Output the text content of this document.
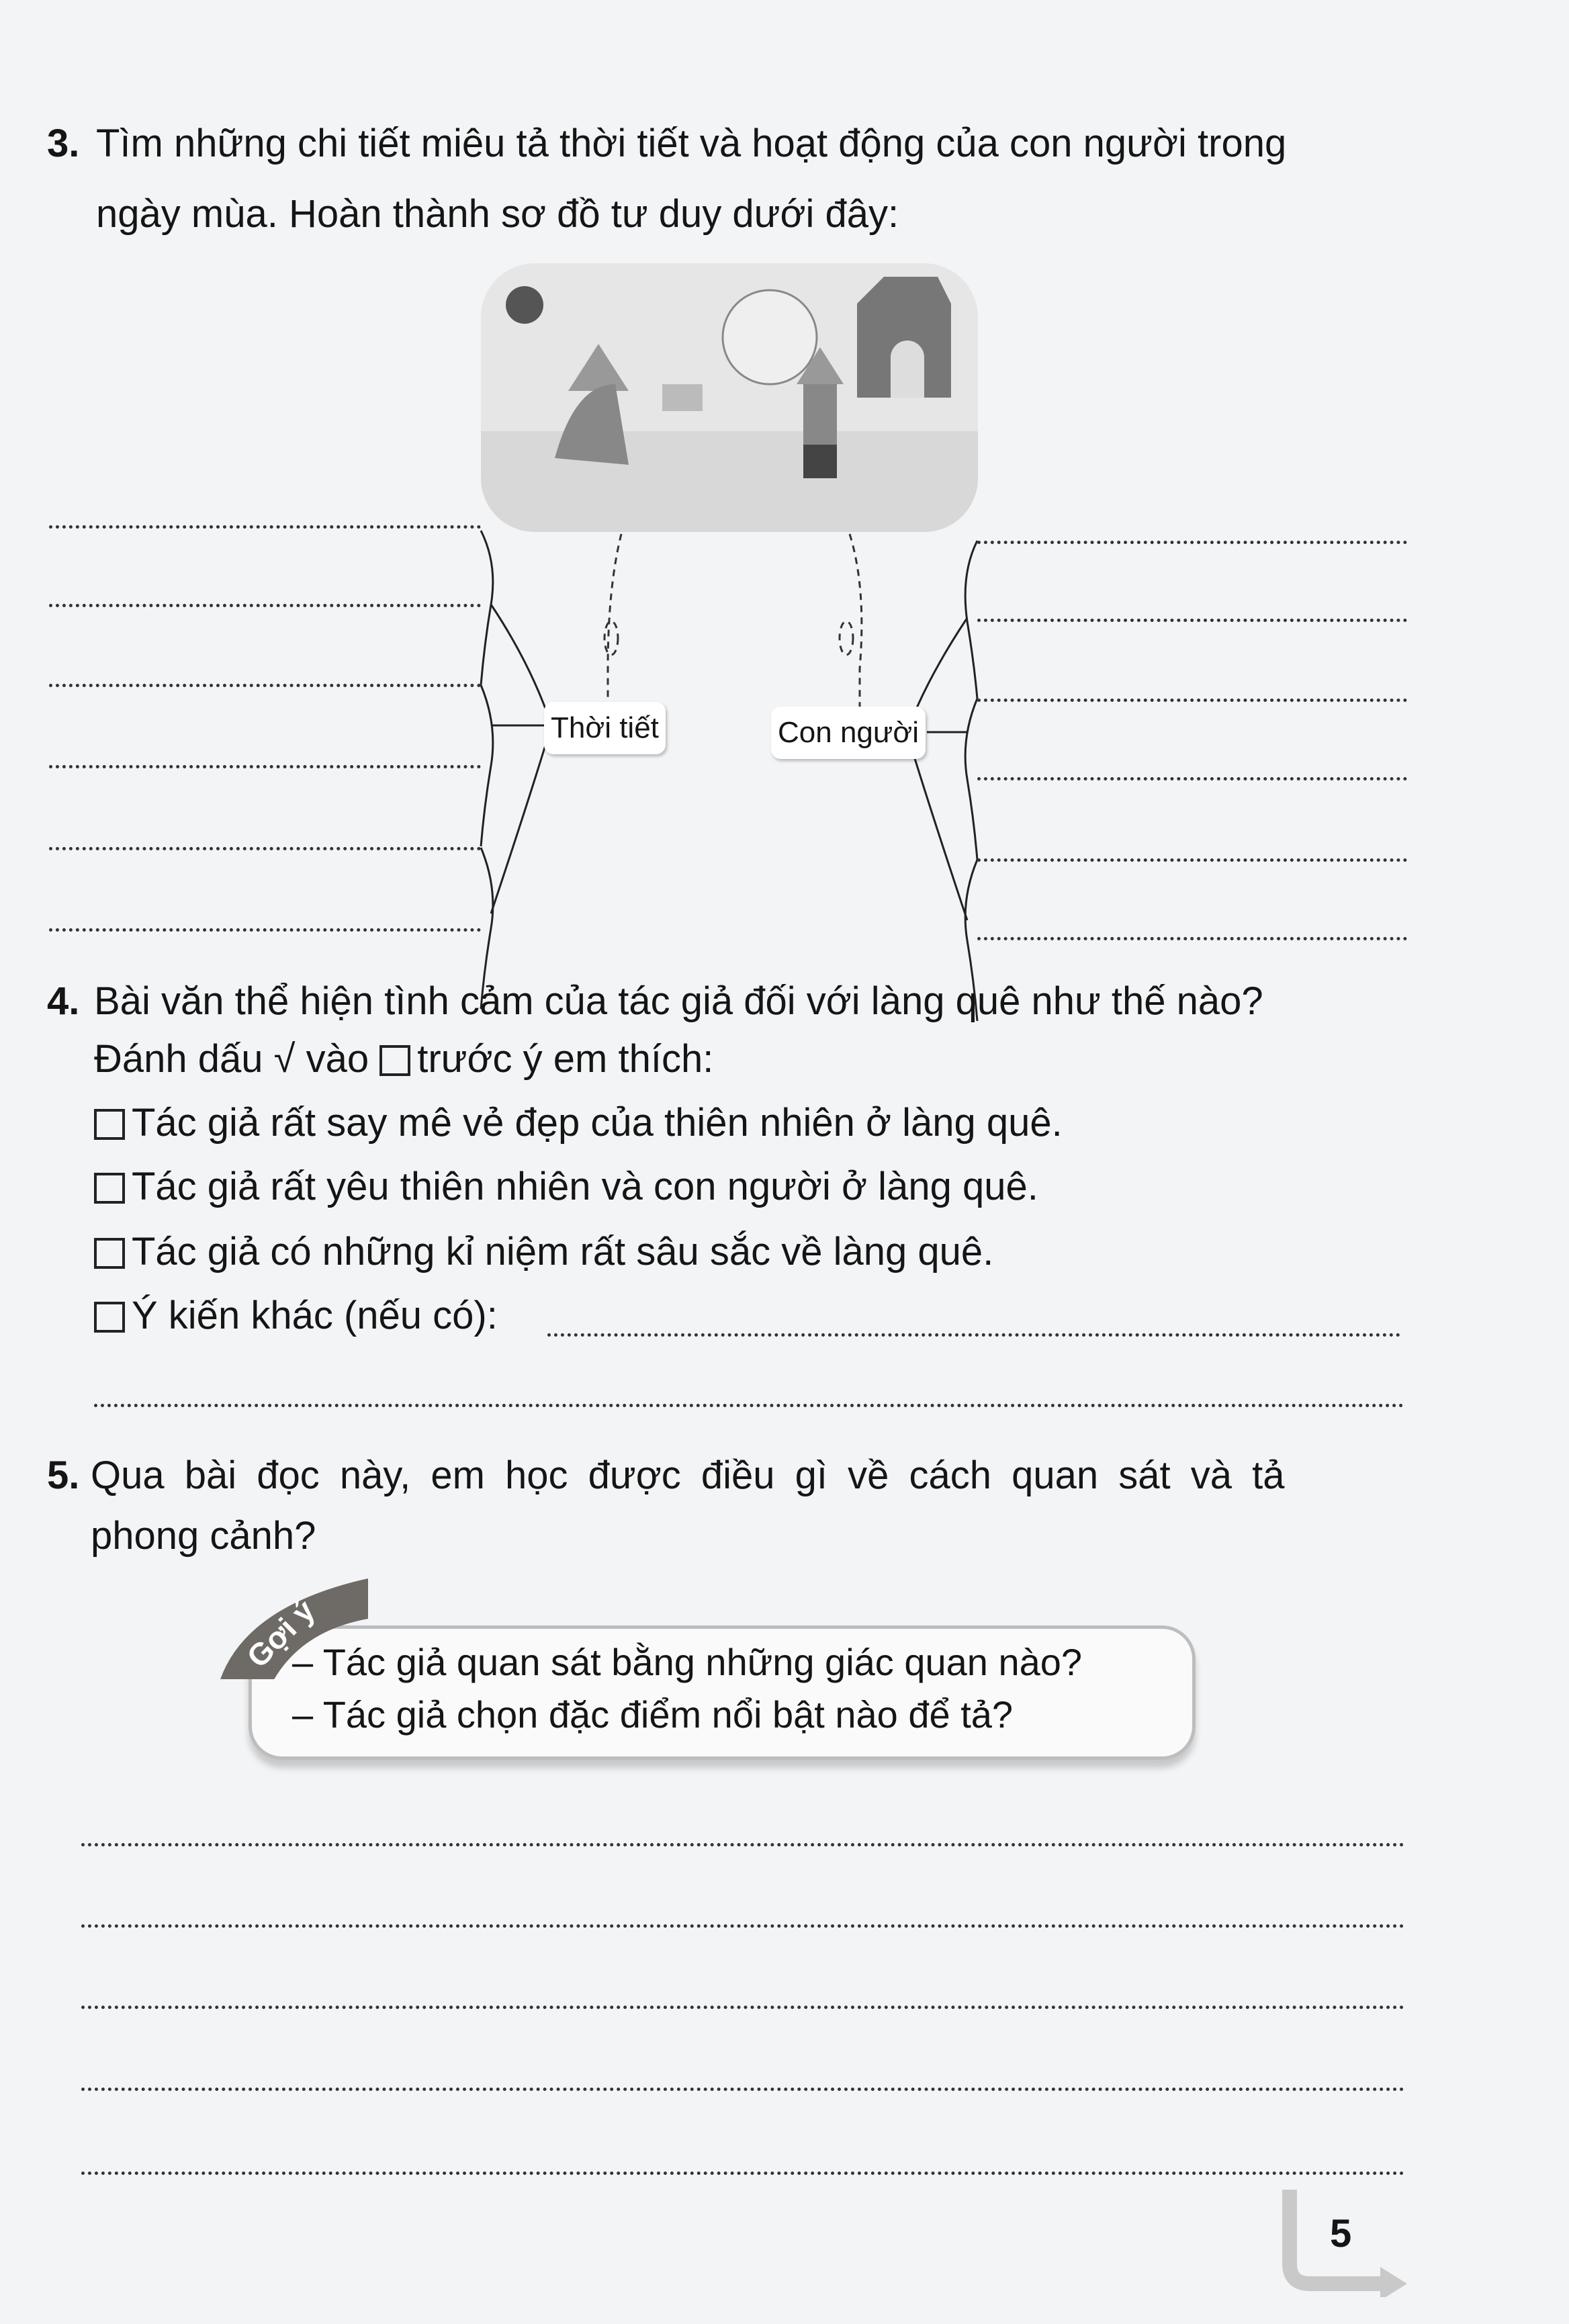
3. Tìm những chi tiết miêu tả thời tiết và hoạt động của con người trong
ngày mùa. Hoàn thành sơ đồ tư duy dưới đây:
Thời tiết	Con người
4. Bài văn thể hiện tình cảm của tác giả đối với làng quê như thế nào?
Đánh dấu √ vào trước ý em thích:
Tác giả rất say mê vẻ đẹp của thiên nhiên ở làng quê.
Tác giả rất yêu thiên nhiên và con người ở làng quê.
Tác giả có những kỉ niệm rất sâu sắc về làng quê.
Ý kiến khác (nếu có):
5. Qua bài đọc này, em học được điều gì về cách quan sát và tả
phong cảnh?
– Tác giả quan sát bằng những giác quan nào?
– Tác giả chọn đặc điểm nổi bật nào để tả?
Gợi ý
5
